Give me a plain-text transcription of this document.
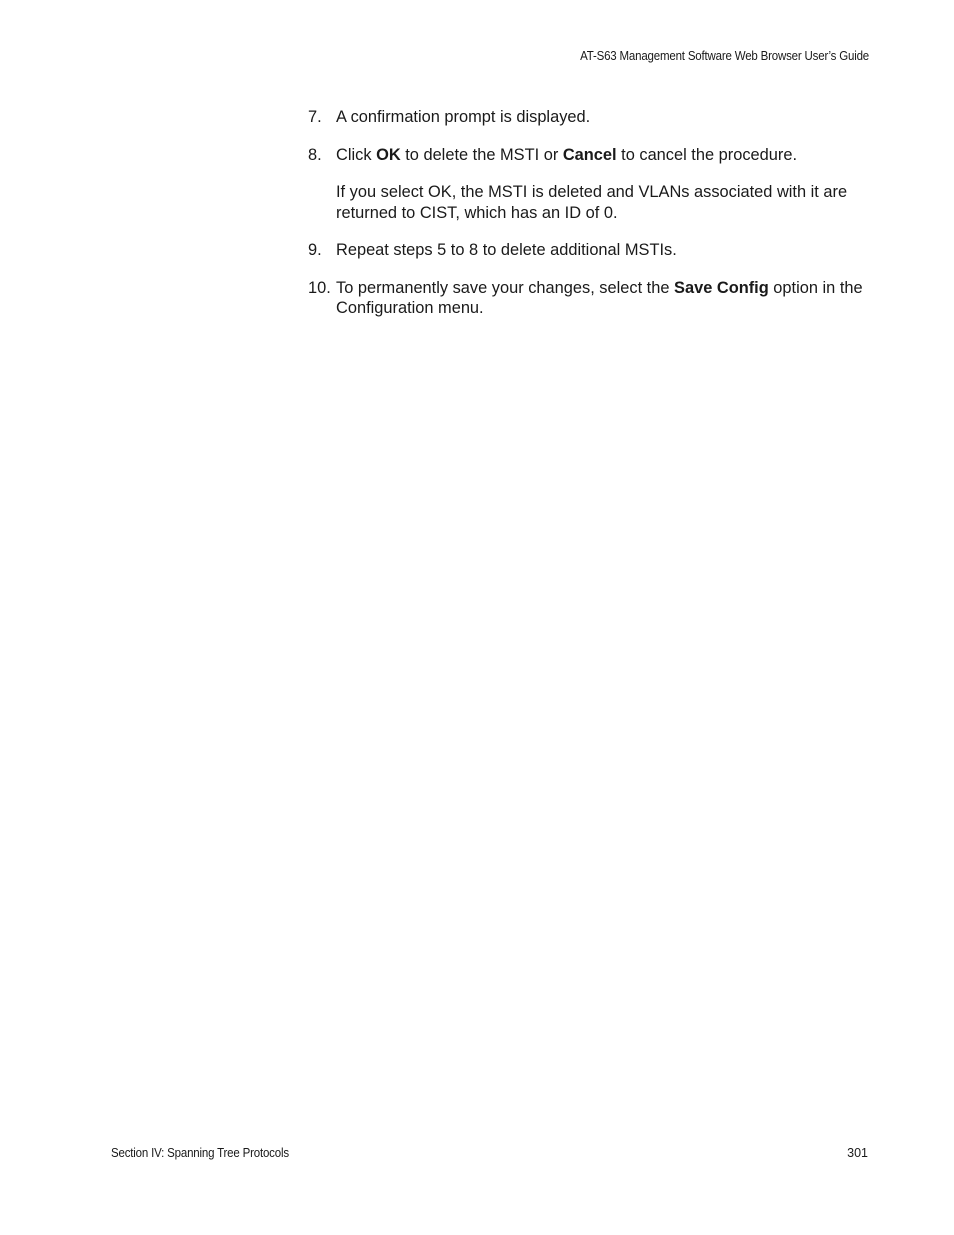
AT-S63 Management Software Web Browser User’s Guide
7. A confirmation prompt is displayed.
8. Click OK to delete the MSTI or Cancel to cancel the procedure.
If you select OK, the MSTI is deleted and VLANs associated with it are returned to CIST, which has an ID of 0.
9. Repeat steps 5 to 8 to delete additional MSTIs.
10. To permanently save your changes, select the Save Config option in the Configuration menu.
Section IV: Spanning Tree Protocols	301
